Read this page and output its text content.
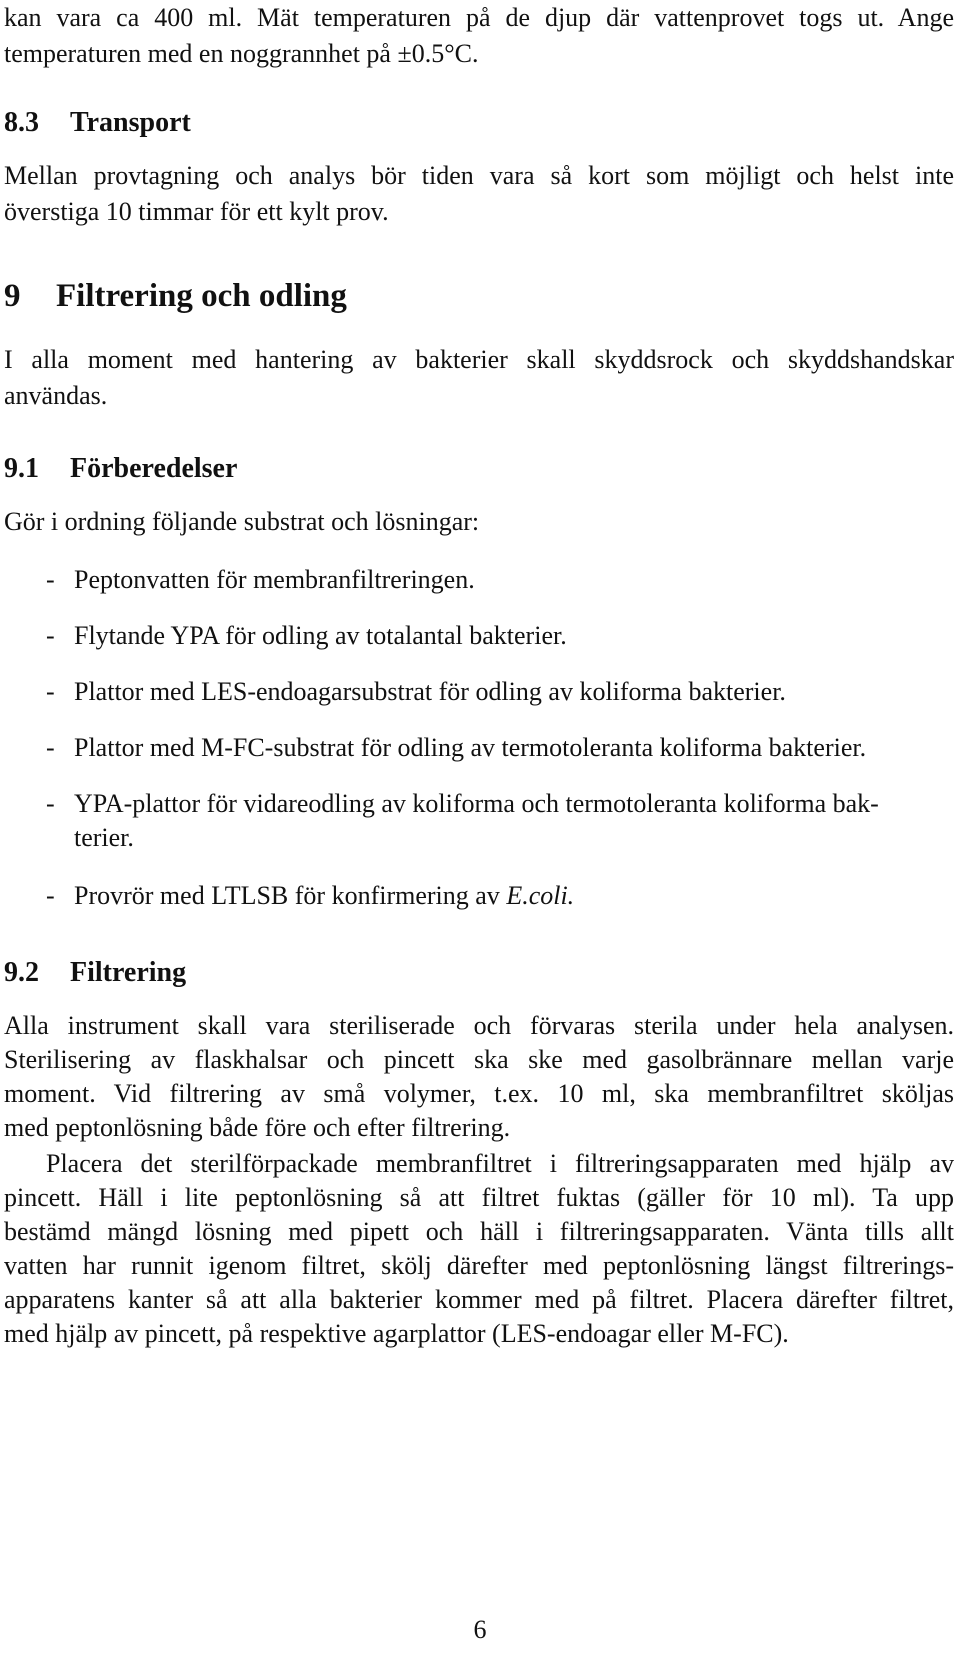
kan vara ca 400 ml. Mät temperaturen på de djup där vattenprovet togs ut. Ange
temperaturen med en noggrannhet på ±0.5°C.
8.3 Transport
Mellan provtagning och analys bör tiden vara så kort som möjligt och helst inte
överstiga 10 timmar för ett kylt prov.
9 Filtrering och odling
I alla moment med hantering av bakterier skall skyddsrock och skyddshandskar
användas.
9.1 Förberedelser
Gör i ordning följande substrat och lösningar:
- Peptonvatten för membranfiltreringen.
- Flytande YPA för odling av totalantal bakterier.
- Plattor med LES-endoagarsubstrat för odling av koliforma bakterier.
- Plattor med M-FC-substrat för odling av termotoleranta koliforma bakterier.
- YPA-plattor för vidareodling av koliforma och termotoleranta koliforma bak-
terier.
- Provrör med LTLSB för konfirmering av E.coli.
9.2 Filtrering
Alla instrument skall vara steriliserade och förvaras sterila under hela analysen.
Sterilisering av flaskhalsar och pincett ska ske med gasolbrännare mellan varje
moment. Vid filtrering av små volymer, t.ex. 10 ml, ska membranfiltret sköljas
med peptonlösning både före och efter filtrering.
Placera det sterilförpackade membranfiltret i filtreringsapparaten med hjälp av
pincett. Häll i lite peptonlösning så att filtret fuktas (gäller för 10 ml). Ta upp
bestämd mängd lösning med pipett och häll i filtreringsapparaten. Vänta tills allt
vatten har runnit igenom filtret, skölj därefter med peptonlösning längst filtrerings-
apparatens kanter så att alla bakterier kommer med på filtret. Placera därefter filtret,
med hjälp av pincett, på respektive agarplattor (LES-endoagar eller M-FC).
6
